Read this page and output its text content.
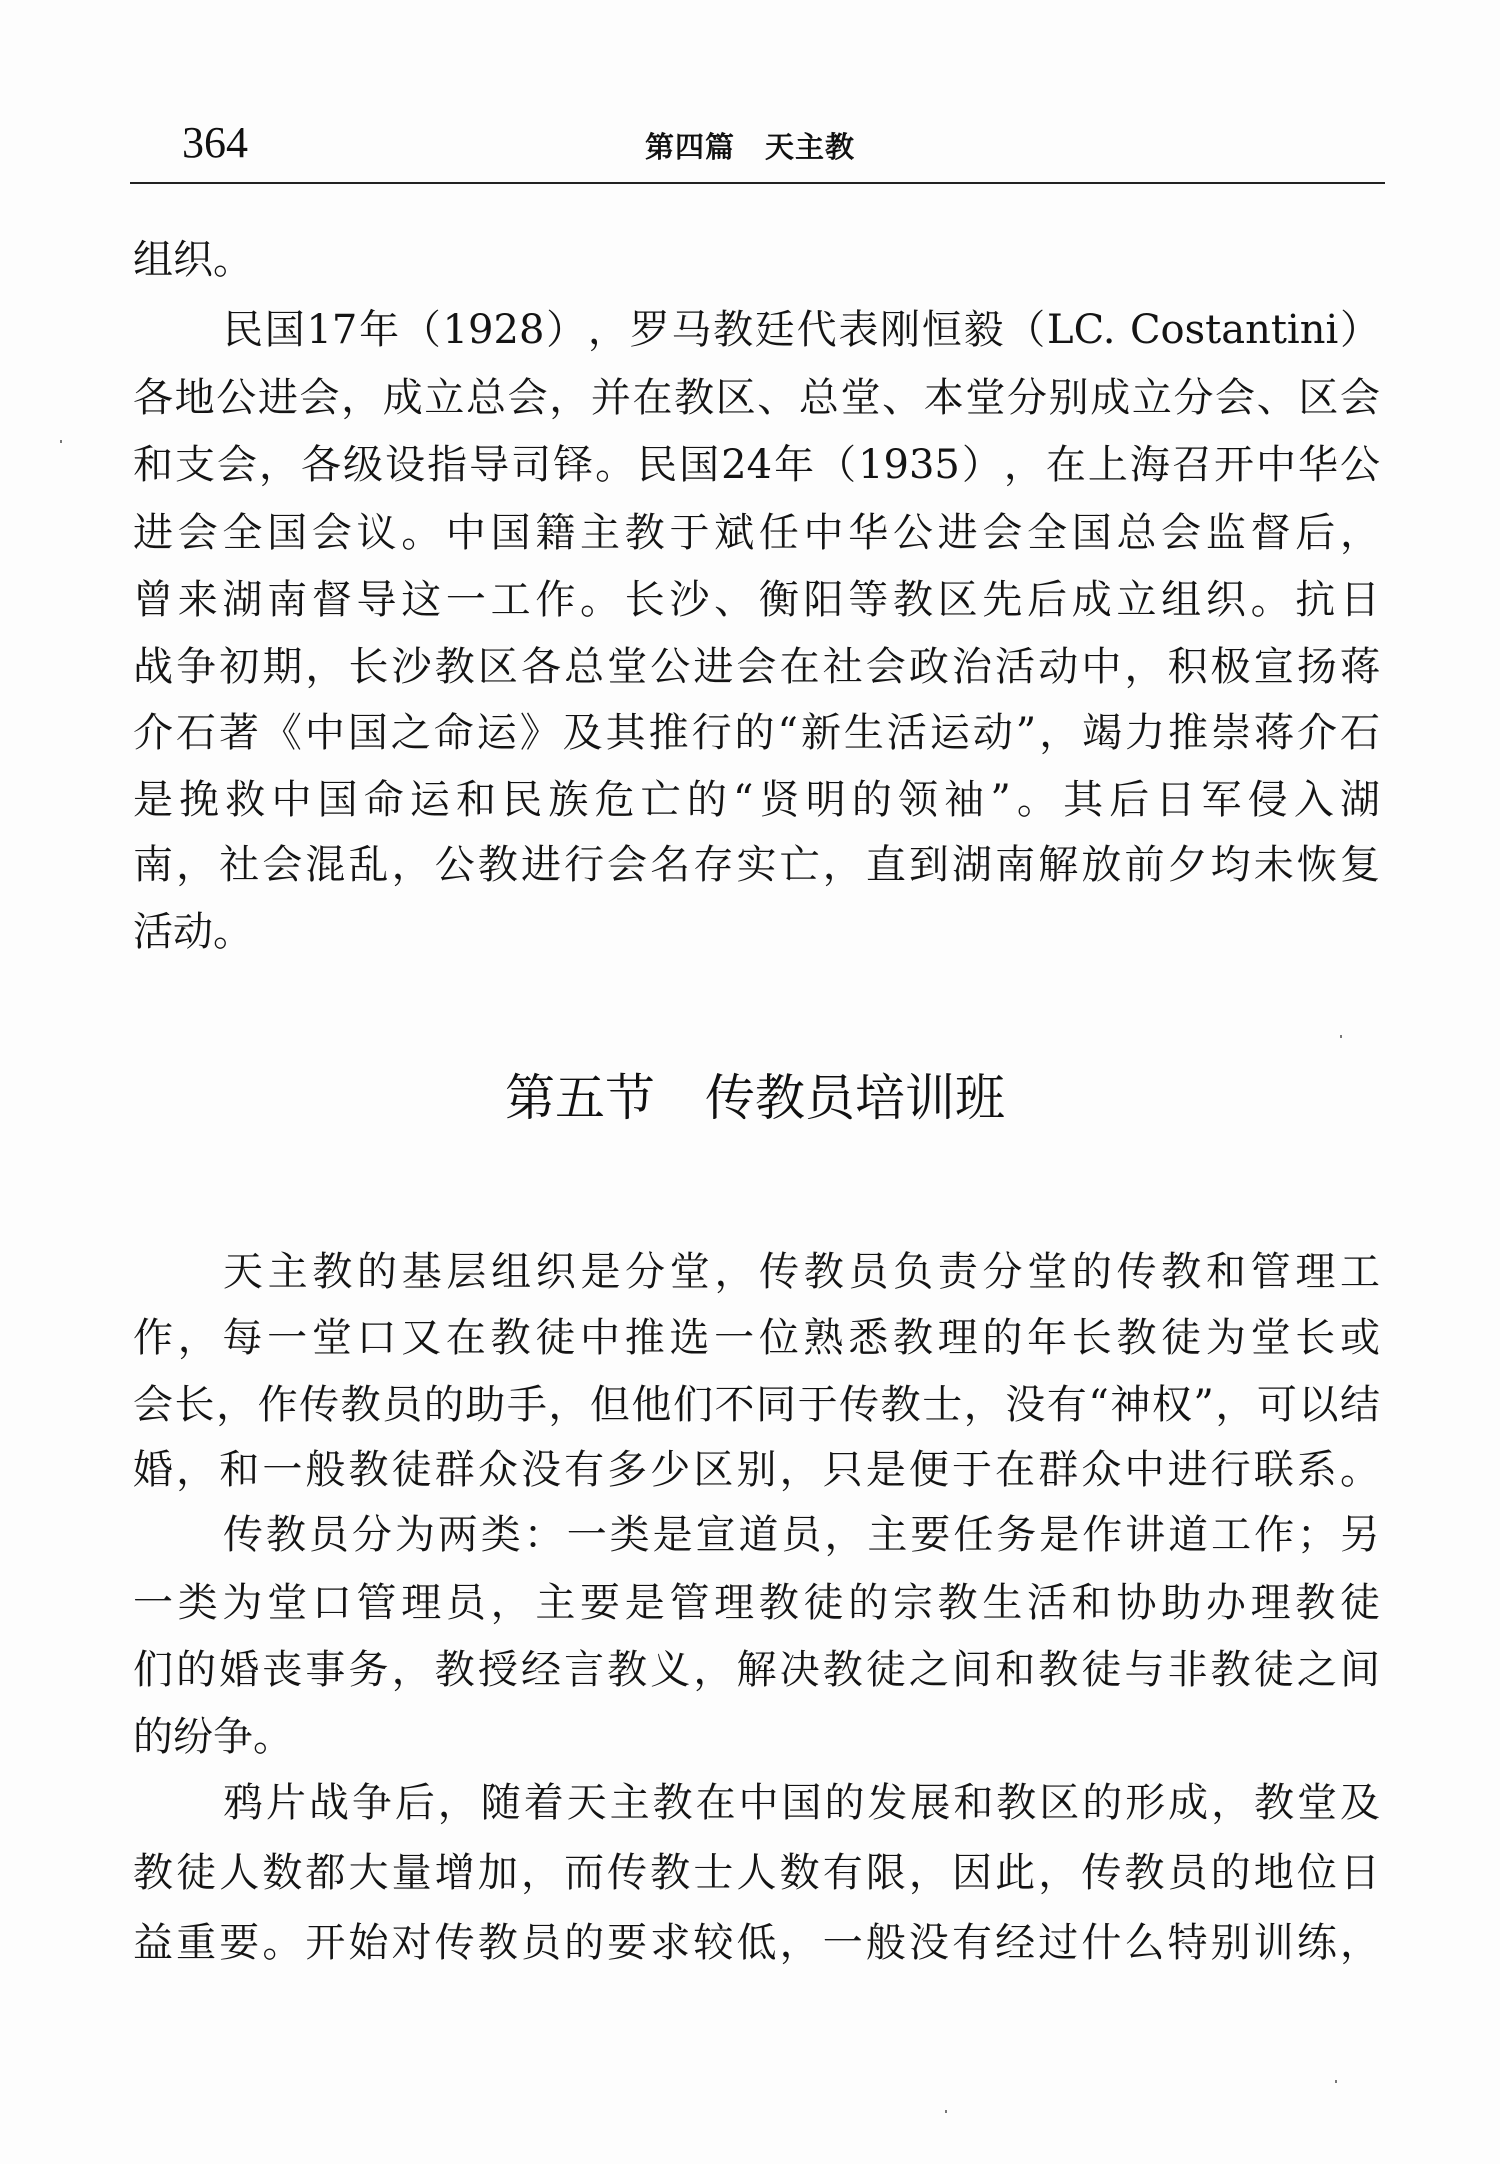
364	第四篇　天主教
组织。
民​国​17​年​（​1928​）​，​罗​马​教​廷​代​表​刚​恒​毅​（​LC.​ ​Costantini​）​
各​地​公​进​会​，​成​立​总​会​，​并​在​教​区​、​总​堂​、​本​堂​分​别​成​立​分​会​、​区​会
和​支​会​，​各​级​设​指​导​司​铎​。​民​国​24​年​（​1935​）​，​在​上​海​召​开​中​华​公
进​会​全​国​会​议​。​中​国​籍​主​教​于​斌​任​中​华​公​进​会​全​国​总​会​监​督​后​，
曾​来​湖​南​督​导​这​一​工​作​。​长​沙​、​衡​阳​等​教​区​先​后​成​立​组​织​。​抗​日
战​争​初​期​，​长​沙​教​区​各​总​堂​公​进​会​在​社​会​政​治​活​动​中​，​积​极​宣​扬​蒋
介​石​著​《​中​国​之​命​运​》​及​其​推​行​的​“​新​生​活​运​动​”​，​竭​力​推​崇​蒋​介​石
是​挽​救​中​国​命​运​和​民​族​危​亡​的​“​贤​明​的​领​袖​”​。​其​后​日​军​侵​入​湖
南​，​社​会​混​乱​，​公​教​进​行​会​名​存​实​亡​，​直​到​湖​南​解​放​前​夕​均​未​恢​复
活动。
第五节　传教员培训班
天​主​教​的​基​层​组​织​是​分​堂​，​传​教​员​负​责​分​堂​的​传​教​和​管​理​工
作​，​每​一​堂​口​又​在​教​徒​中​推​选​一​位​熟​悉​教​理​的​年​长​教​徒​为​堂​长​或
会​长​，​作​传​教​员​的​助​手​，​但​他​们​不​同​于​传​教​士​，​没​有​“​神​权​”​，​可​以​结
婚​，​和​一​般​教​徒​群​众​没​有​多​少​区​别​，​只​是​便​于​在​群​众​中​进​行​联​系​。
传​教​员​分​为​两​类​：​一​类​是​宣​道​员​，​主​要​任​务​是​作​讲​道​工​作​；​另
一​类​为​堂​口​管​理​员​，​主​要​是​管​理​教​徒​的​宗​教​生​活​和​协​助​办​理​教​徒
们​的​婚​丧​事​务​，​教​授​经​言​教​义​，​解​决​教​徒​之​间​和​教​徒​与​非​教​徒​之​间
的纷争。
鸦​片​战​争​后​，​随​着​天​主​教​在​中​国​的​发​展​和​教​区​的​形​成​，​教​堂​及
教​徒​人​数​都​大​量​增​加​，​而​传​教​士​人​数​有​限​，​因​此​，​传​教​员​的​地​位​日
益​重​要​。​开​始​对​传​教​员​的​要​求​较​低​，​一​般​没​有​经​过​什​么​特​别​训​练​，
